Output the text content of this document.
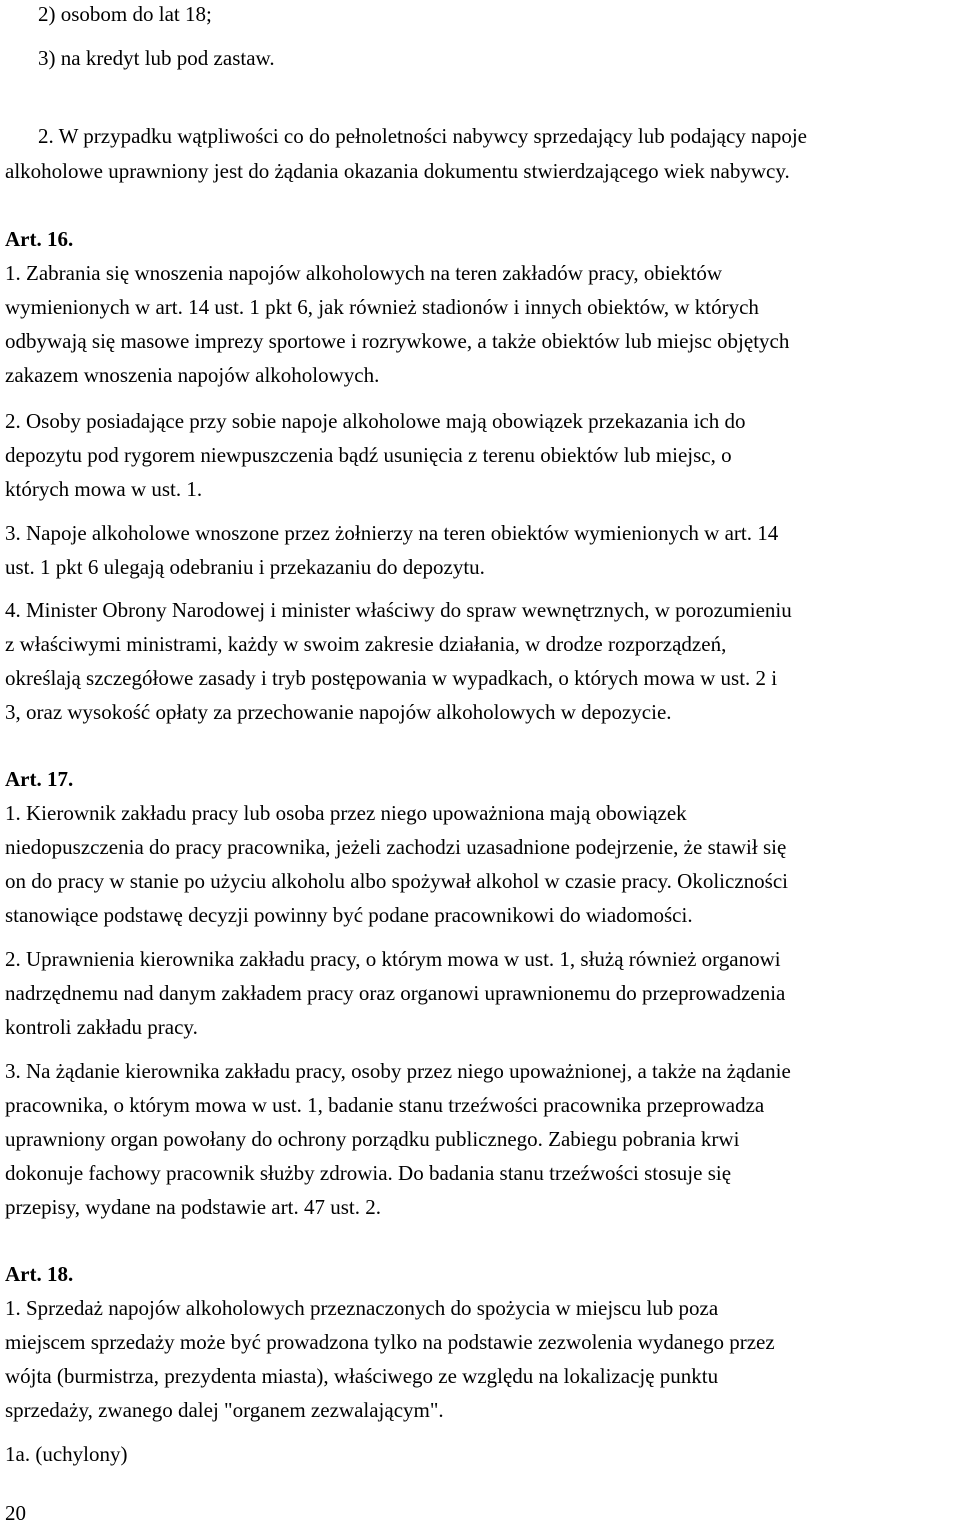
2) osobom do lat 18;

3) na kredyt lub pod zastaw.

2. W przypadku wątpliwości co do pełnoletności nabywcy sprzedający lub podający napoje

alkoholowe uprawniony jest do żądania okazania dokumentu stwierdzającego wiek nabywcy.

Art. 16.

1. Zabrania się wnoszenia napojów alkoholowych na teren zakładów pracy, obiektów

wymienionych w art. 14 ust. 1 pkt 6, jak również stadionów i innych obiektów, w których

odbywają się masowe imprezy sportowe i rozrywkowe, a także obiektów lub miejsc objętych

zakazem wnoszenia napojów alkoholowych.

2. Osoby posiadające przy sobie napoje alkoholowe mają obowiązek przekazania ich do

depozytu pod rygorem niewpuszczenia bądź usunięcia z terenu obiektów lub miejsc, o

których mowa w ust. 1.

3. Napoje alkoholowe wnoszone przez żołnierzy na teren obiektów wymienionych w art. 14

ust. 1 pkt 6 ulegają odebraniu i przekazaniu do depozytu.

4. Minister Obrony Narodowej i minister właściwy do spraw wewnętrznych, w porozumieniu

z właściwymi ministrami, każdy w swoim zakresie działania, w drodze rozporządzeń,

określają szczegółowe zasady i tryb postępowania w wypadkach, o których mowa w ust. 2 i

3, oraz wysokość opłaty za przechowanie napojów alkoholowych w depozycie.

Art. 17.

1. Kierownik zakładu pracy lub osoba przez niego upoważniona mają obowiązek

niedopuszczenia do pracy pracownika, jeżeli zachodzi uzasadnione podejrzenie, że stawił się

on do pracy w stanie po użyciu alkoholu albo spożywał alkohol w czasie pracy. Okoliczności

stanowiące podstawę decyzji powinny być podane pracownikowi do wiadomości.

2. Uprawnienia kierownika zakładu pracy, o którym mowa w ust. 1, służą również organowi

nadrzędnemu nad danym zakładem pracy oraz organowi uprawnionemu do przeprowadzenia

kontroli zakładu pracy.

3. Na żądanie kierownika zakładu pracy, osoby przez niego upoważnionej, a także na żądanie

pracownika, o którym mowa w ust. 1, badanie stanu trzeźwości pracownika przeprowadza

uprawniony organ powołany do ochrony porządku publicznego. Zabiegu pobrania krwi

dokonuje fachowy pracownik służby zdrowia. Do badania stanu trzeźwości stosuje się

przepisy, wydane na podstawie art. 47 ust. 2.

Art. 18.

1. Sprzedaż napojów alkoholowych przeznaczonych do spożycia w miejscu lub poza

miejscem sprzedaży może być prowadzona tylko na podstawie zezwolenia wydanego przez

wójta (burmistrza, prezydenta miasta), właściwego ze względu na lokalizację punktu

sprzedaży, zwanego dalej "organem zezwalającym".

1a. (uchylony)

20
